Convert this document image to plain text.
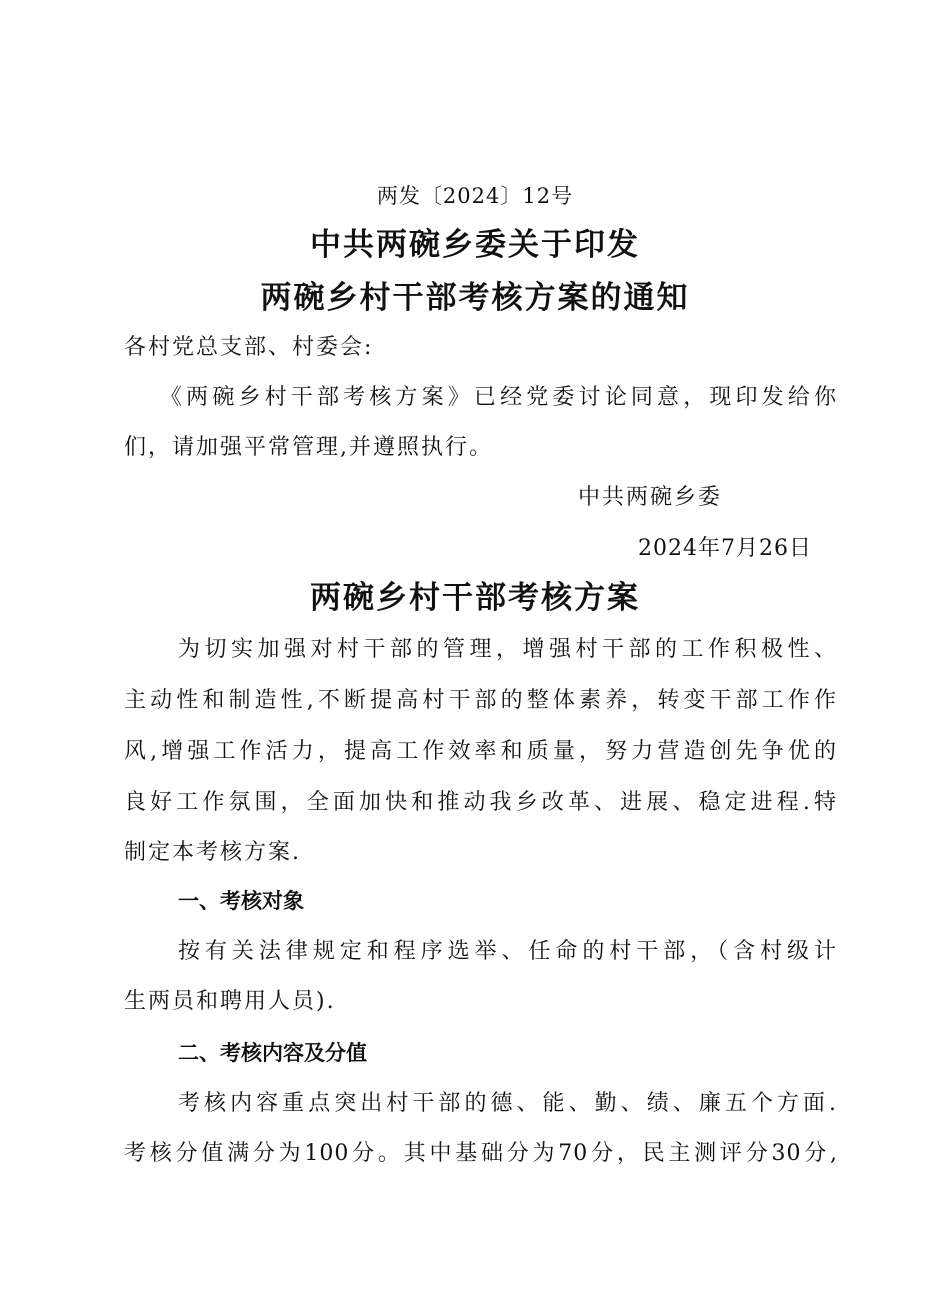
两发〔2024〕12号
中共两碗乡委关于印发
两碗乡村干部考核方案的通知
各村党总支部、村委会:
《两碗乡村干部考核方案》已经党委讨论同意，现印发给你
们，请加强平常管理,并遵照执行。
中共两碗乡委
2024年7月26日
两碗乡村干部考核方案
为切实加强对村干部的管理，增强村干部的工作积极性、
主动性和制造性,不断提高村干部的整体素养，转变干部工作作
风,增强工作活力，提高工作效率和质量，努力营造创先争优的
良好工作氛围，全面加快和推动我乡改革、进展、稳定进程.特
制定本考核方案.
一、考核对象
按有关法律规定和程序选举、任命的村干部，（含村级计
生两员和聘用人员).
二、考核内容及分值
考核内容重点突出村干部的德、能、勤、绩、廉五个方面.
考核分值满分为100分。其中基础分为70分，民主测评分30分,
